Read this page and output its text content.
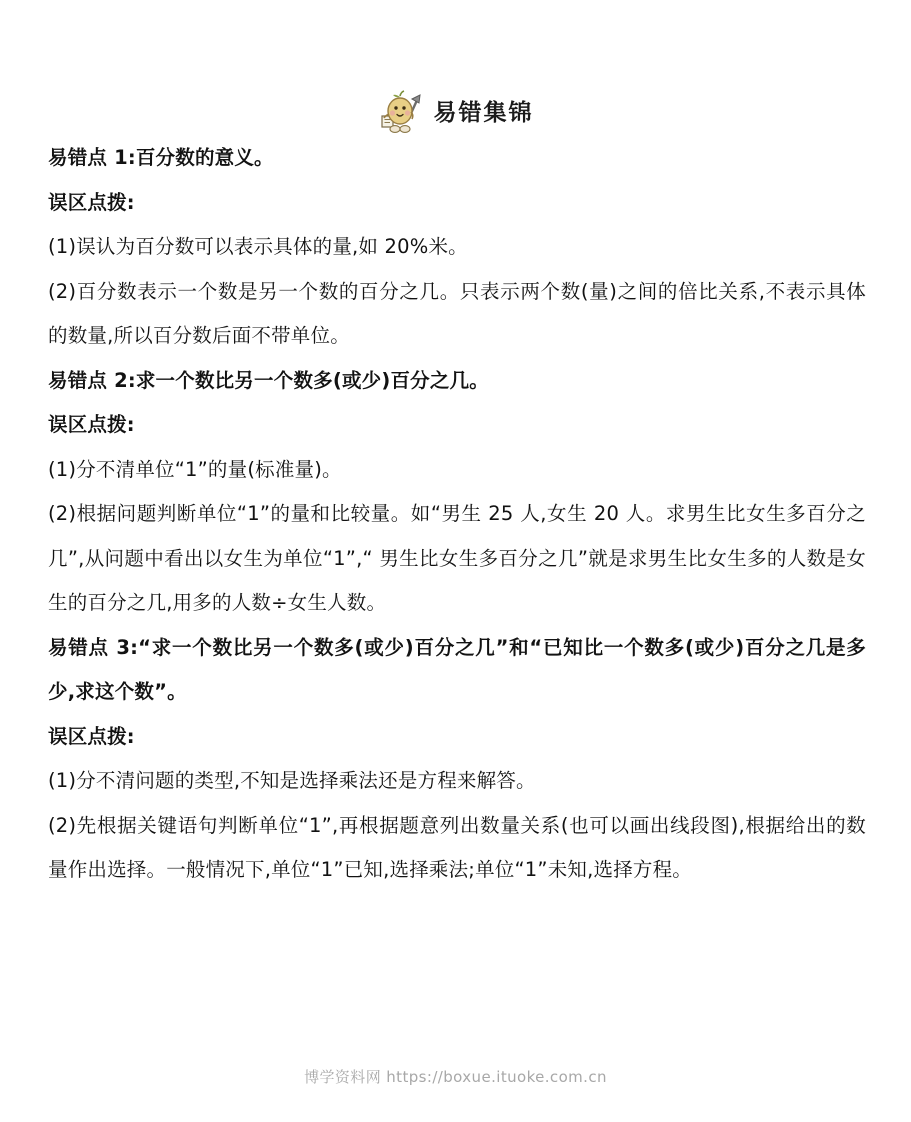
易错集锦

易错点 1:百分数的意义。

误区点拨:

(1)误认为百分数可以表示具体的量,如 20%米。

(2)百分数表示一个数是另一个数的百分之几。只表示两个数(量)之间的倍比关系,不表示具体的数量,所以百分数后面不带单位。

易错点 2:求一个数比另一个数多(或少)百分之几。

误区点拨:

(1)分不清单位“1”的量(标准量)。

(2)根据问题判断单位“1”的量和比较量。如“男生 25 人,女生 20 人。求男生比女生多百分之几”,从问题中看出以女生为单位“1”,“ 男生比女生多百分之几”就是求男生比女生多的人数是女生的百分之几,用多的人数÷女生人数。

易错点 3:“求一个数比另一个数多(或少)百分之几”和“已知比一个数多(或少)百分之几是多少,求这个数”。

误区点拨:

(1)分不清问题的类型,不知是选择乘法还是方程来解答。

(2)先根据关键语句判断单位“1”,再根据题意列出数量关系(也可以画出线段图),根据给出的数量作出选择。一般情况下,单位“1”已知,选择乘法;单位“1”未知,选择方程。

博学资料网 https://boxue.ituoke.com.cn
